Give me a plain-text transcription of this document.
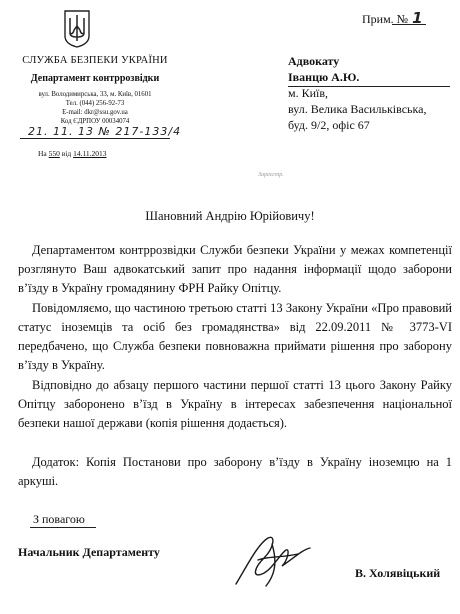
Прим. № 1
СЛУЖБА БЕЗПЕКИ УКРАЇНИ
Департамент контррозвідки
вул. Володимирська, 33, м. Київ, 01601
Тел. (044) 256-92-73
E-mail: dkr@ssu.gov.ua
Код ЄДРПОУ 00034074
21. 11. 13 № 217-133/4
На 550 від 14.11.2013
Адвокату
Іванцю А.Ю.
м. Київ,
вул. Велика Васильківська,
буд. 9/2, офіс 67
Зареєстр.
Шановний Андрію Юрійовичу!
Департаментом контррозвідки Служби безпеки України у межах компетенції розглянуто Ваш адвокатський запит про надання інформації щодо заборони в’їзду в Україну громадянину ФРН Райку Опітцу.
Повідомляємо, що частиною третьою статті 13 Закону України «Про правовий статус іноземців та осіб без громадянства» від 22.09.2011 № 3773-VI передбачено, що Служба безпеки повноважна приймати рішення про заборону в’їзду в Україну.
Відповідно до абзацу першого частини першої статті 13 цього Закону Райку Опітцу заборонено в’їзд в Україну в інтересах забезпечення національної безпеки нашої держави (копія рішення додається).
Додаток: Копія Постанови про заборону в’їзду в Україну іноземцю на 1 аркуші.
З повагою
Начальник Департаменту
В. Холявіцький
